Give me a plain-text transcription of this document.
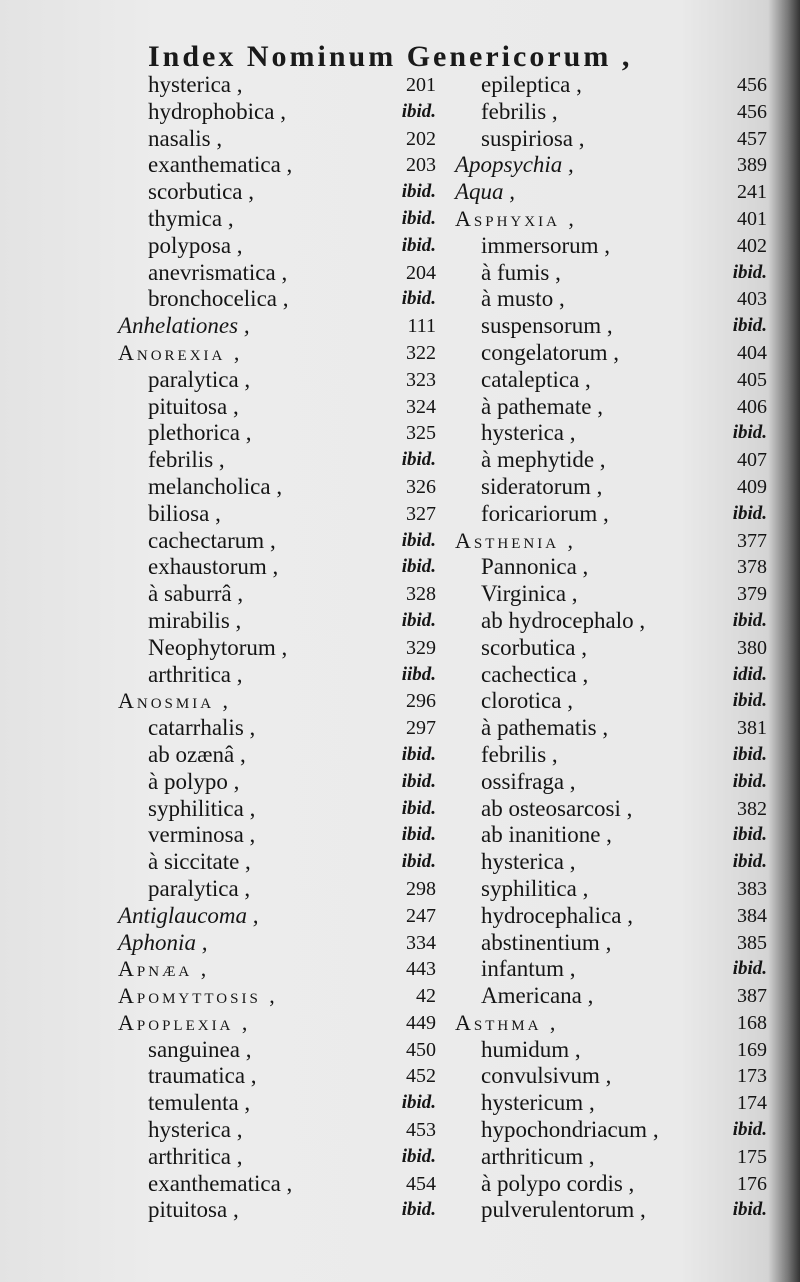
Index Nominum Genericorum ,
hysterica ,	201
hydrophobica ,	ibid.
nasalis ,	202
exanthematica ,	203
scorbutica ,	ibid.
thymica ,	ibid.
polyposa ,	ibid.
anevrismatica ,	204
bronchocelica ,	ibid.
Anhelationes ,	111
Anorexia ,	322
paralytica ,	323
pituitosa ,	324
plethorica ,	325
febrilis ,	ibid.
melancholica ,	326
biliosa ,	327
cacheсtarum ,	ibid.
exhaustorum ,	ibid.
à saburrâ ,	328
mirabilis ,	ibid.
Neophytorum ,	329
arthritica ,	iibd.
Anosmia ,	296
catarrhalis ,	297
ab ozænâ ,	ibid.
à polypo ,	ibid.
syphilitica ,	ibid.
verminosa ,	ibid.
à siccitate ,	ibid.
paralytica ,	298
Antiglaucoma ,	247
Aphonia ,	334
Apnæa ,	443
Apomyttosis ,	42
Apoplexia ,	449
sanguinea ,	450
traumatica ,	452
temulenta ,	ibid.
hysterica ,	453
arthritica ,	ibid.
exanthematica ,	454
pituitosa ,	ibid.
epileptica ,	456
febrilis ,	456
suspiriosa ,	457
Apopsychia ,	389
Aqua ,	241
Asphyxia ,	401
immersorum ,	402
à fumis ,	ibid.
à musto ,	403
suspensorum ,	ibid.
congelatorum ,	404
cataleptica ,	405
à pathemate ,	406
hysterica ,	ibid.
à mephytide ,	407
sideratorum ,	409
foricariorum ,	ibid.
Asthenia ,	377
Pannonica ,	378
Virginica ,	379
ab hydrocephalo ,	ibid.
scorbutica ,	380
cacheсtica ,	idid.
clorotica ,	ibid.
à pathematis ,	381
febrilis ,	ibid.
ossifraga ,	ibid.
ab osteosarcosi ,	382
ab inanitione ,	ibid.
hysterica ,	ibid.
syphilitica ,	383
hydrocephalica ,	384
abstinentium ,	385
infantum ,	ibid.
Americana ,	387
Asthma ,	168
humidum ,	169
convulsivum ,	173
hystericum ,	174
hypochondriacum ,	ibid.
arthriticum ,	175
à polypo cordis ,	176
pulverulentorum ,	ibid.
